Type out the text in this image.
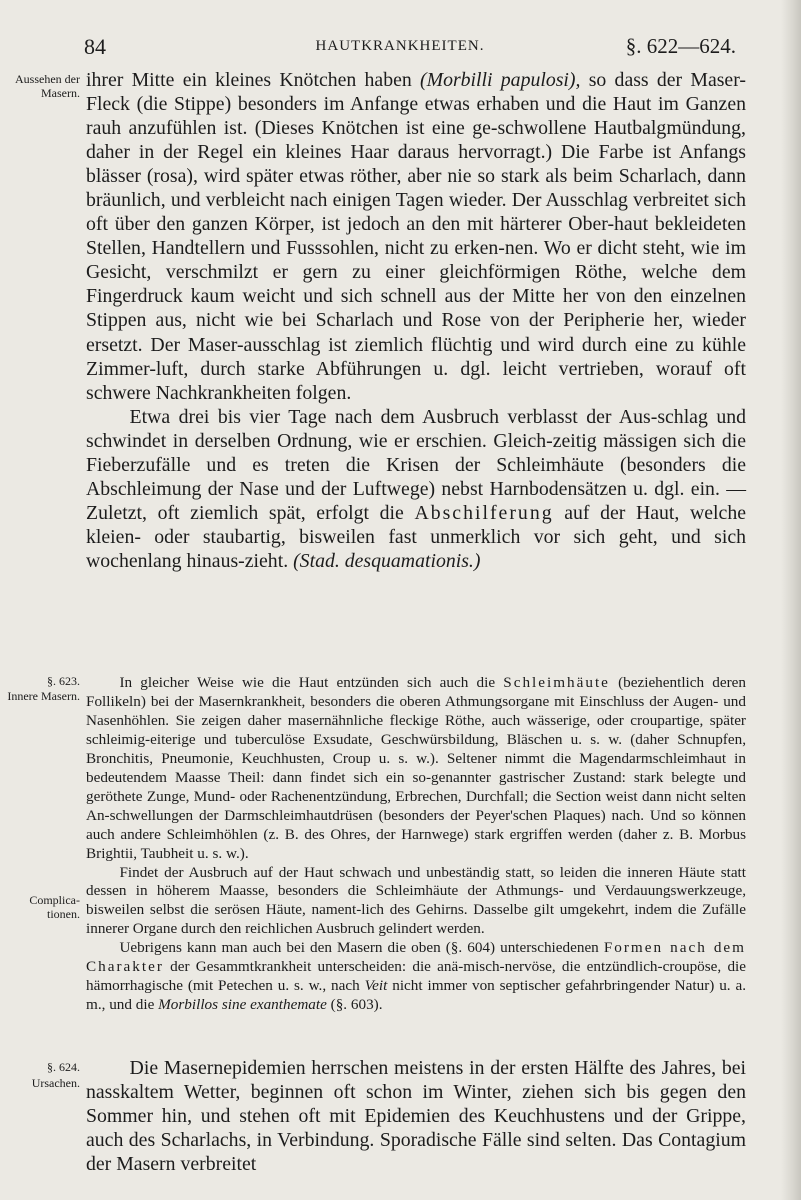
84	HAUTKRANKHEITEN.	§. 622—624.
Aussehen der Masern.
§. 623.
Innere Masern.
Complica-tionen.
§. 624.
Ursachen.

ihrer Mitte ein kleines Knötchen haben (Morbilli papulosi), so dass der Maser-Fleck (die Stippe) besonders im Anfange etwas erhaben und die Haut im Ganzen rauh anzufühlen ist. (Dieses Knötchen ist eine ge-schwollene Hautbalgmündung, daher in der Regel ein kleines Haar daraus hervorragt.) Die Farbe ist Anfangs blässer (rosa), wird später etwas röther, aber nie so stark als beim Scharlach, dann bräunlich, und verbleicht nach einigen Tagen wieder. Der Ausschlag verbreitet sich oft über den ganzen Körper, ist jedoch an den mit härterer Ober-haut bekleideten Stellen, Handtellern und Fusssohlen, nicht zu erken-nen. Wo er dicht steht, wie im Gesicht, verschmilzt er gern zu einer gleichförmigen Röthe, welche dem Fingerdruck kaum weicht und sich schnell aus der Mitte her von den einzelnen Stippen aus, nicht wie bei Scharlach und Rose von der Peripherie her, wieder ersetzt. Der Maser-ausschlag ist ziemlich flüchtig und wird durch eine zu kühle Zimmer-luft, durch starke Abführungen u. dgl. leicht vertrieben, worauf oft schwere Nachkrankheiten folgen.

Etwa drei bis vier Tage nach dem Ausbruch verblasst der Aus-schlag und schwindet in derselben Ordnung, wie er erschien. Gleich-zeitig mässigen sich die Fieberzufälle und es treten die Krisen der Schleimhäute (besonders die Abschleimung der Nase und der Luftwege) nebst Harnbodensätzen u. dgl. ein. — Zuletzt, oft ziemlich spät, erfolgt die Abschilferung auf der Haut, welche kleien- oder staubartig, bisweilen fast unmerklich vor sich geht, und sich wochenlang hinaus-zieht. (Stad. desquamationis.)

In gleicher Weise wie die Haut entzünden sich auch die Schleimhäute (beziehentlich deren Follikeln) bei der Masernkrankheit, besonders die oberen Athmungsorgane mit Einschluss der Augen- und Nasenhöhlen. Sie zeigen daher masernähnliche fleckige Röthe, auch wässerige, oder croupartige, später schleimig-eiterige und tuberculöse Exsudate, Geschwürsbildung, Bläschen u. s. w. (daher Schnupfen, Bronchitis, Pneumonie, Keuchhusten, Croup u. s. w.). Seltener nimmt die Magendarmschleimhaut in bedeutendem Maasse Theil: dann findet sich ein so-genannter gastrischer Zustand: stark belegte und geröthete Zunge, Mund- oder Rachenentzündung, Erbrechen, Durchfall; die Section weist dann nicht selten An-schwellungen der Darmschleimhautdrüsen (besonders der Peyer'schen Plaques) nach. Und so können auch andere Schleimhöhlen (z. B. des Ohres, der Harnwege) stark ergriffen werden (daher z. B. Morbus Brightii, Taubheit u. s. w.).

Findet der Ausbruch auf der Haut schwach und unbeständig statt, so leiden die inneren Häute statt dessen in höherem Maasse, besonders die Schleimhäute der Athmungs- und Verdauungswerkzeuge, bisweilen selbst die serösen Häute, nament-lich des Gehirns. Dasselbe gilt umgekehrt, indem die Zufälle innerer Organe durch den reichlichen Ausbruch gelindert werden.

Uebrigens kann man auch bei den Masern die oben (§. 604) unterschiedenen Formen nach dem Charakter der Gesammtkrankheit unterscheiden: die anä-misch-nervöse, die entzündlich-croupöse, die hämorrhagische (mit Petechen u. s. w., nach Veit nicht immer von septischer gefahrbringender Natur) u. a. m., und die Morbillos sine exanthemate (§. 603).

Die Masernepidemien herrschen meistens in der ersten Hälfte des Jahres, bei nasskaltem Wetter, beginnen oft schon im Winter, ziehen sich bis gegen den Sommer hin, und stehen oft mit Epidemien des Keuchhustens und der Grippe, auch des Scharlachs, in Verbindung. Sporadische Fälle sind selten. Das Contagium der Masern verbreitet
